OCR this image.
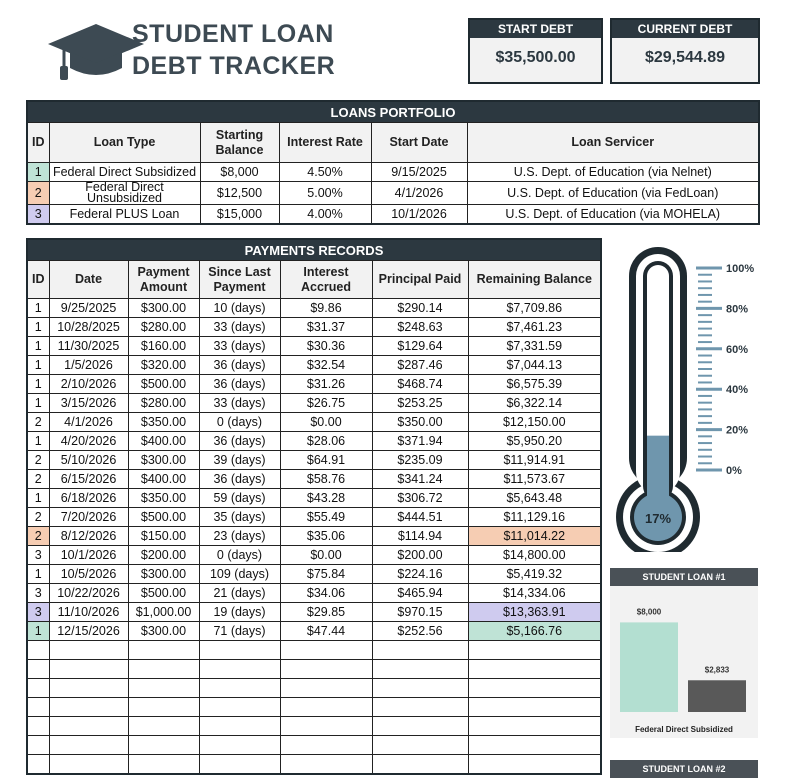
STUDENT LOAN
DEBT TRACKER
START DEBT
$35,500.00
CURRENT DEBT
$29,544.89
LOANS PORTFOLIO					
ID	Loan Type	Starting Balance	Interest Rate	Start Date	Loan Servicer
1	Federal Direct Subsidized	$8,000	4.50%	9/15/2025	U.S. Dept. of Education (via Nelnet)
2	Federal Direct Unsubsidized	$12,500	5.00%	4/1/2026	U.S. Dept. of Education (via FedLoan)
3	Federal PLUS Loan	$15,000	4.00%	10/1/2026	U.S. Dept. of Education (via MOHELA)
PAYMENTS RECORDS						
ID	Date	Payment Amount	Since Last Payment	Interest Accrued	Principal Paid	Remaining Balance
1	9/25/2025	$300.00	10 (days)	$9.86	$290.14	$7,709.86
1	10/28/2025	$280.00	33 (days)	$31.37	$248.63	$7,461.23
1	11/30/2025	$160.00	33 (days)	$30.36	$129.64	$7,331.59
1	1/5/2026	$320.00	36 (days)	$32.54	$287.46	$7,044.13
1	2/10/2026	$500.00	36 (days)	$31.26	$468.74	$6,575.39
1	3/15/2026	$280.00	33 (days)	$26.75	$253.25	$6,322.14
2	4/1/2026	$350.00	0 (days)	$0.00	$350.00	$12,150.00
1	4/20/2026	$400.00	36 (days)	$28.06	$371.94	$5,950.20
2	5/10/2026	$300.00	39 (days)	$64.91	$235.09	$11,914.91
2	6/15/2026	$400.00	36 (days)	$58.76	$341.24	$11,573.67
1	6/18/2026	$350.00	59 (days)	$43.28	$306.72	$5,643.48
2	7/20/2026	$500.00	35 (days)	$55.49	$444.51	$11,129.16
2	8/12/2026	$150.00	23 (days)	$35.06	$114.94	$11,014.22
3	10/1/2026	$200.00	0 (days)	$0.00	$200.00	$14,800.00
1	10/5/2026	$300.00	109 (days)	$75.84	$224.16	$5,419.32
3	10/22/2026	$500.00	21 (days)	$34.06	$465.94	$14,334.06
3	11/10/2026	$1,000.00	19 (days)	$29.85	$970.15	$13,363.91
1	12/15/2026	$300.00	71 (days)	$47.44	$252.56	$5,166.76

100%
80%
60%
40%
20%
0%
17%
STUDENT LOAN #1
$8,000
$2,833
Federal Direct Subsidized
STUDENT LOAN #2
